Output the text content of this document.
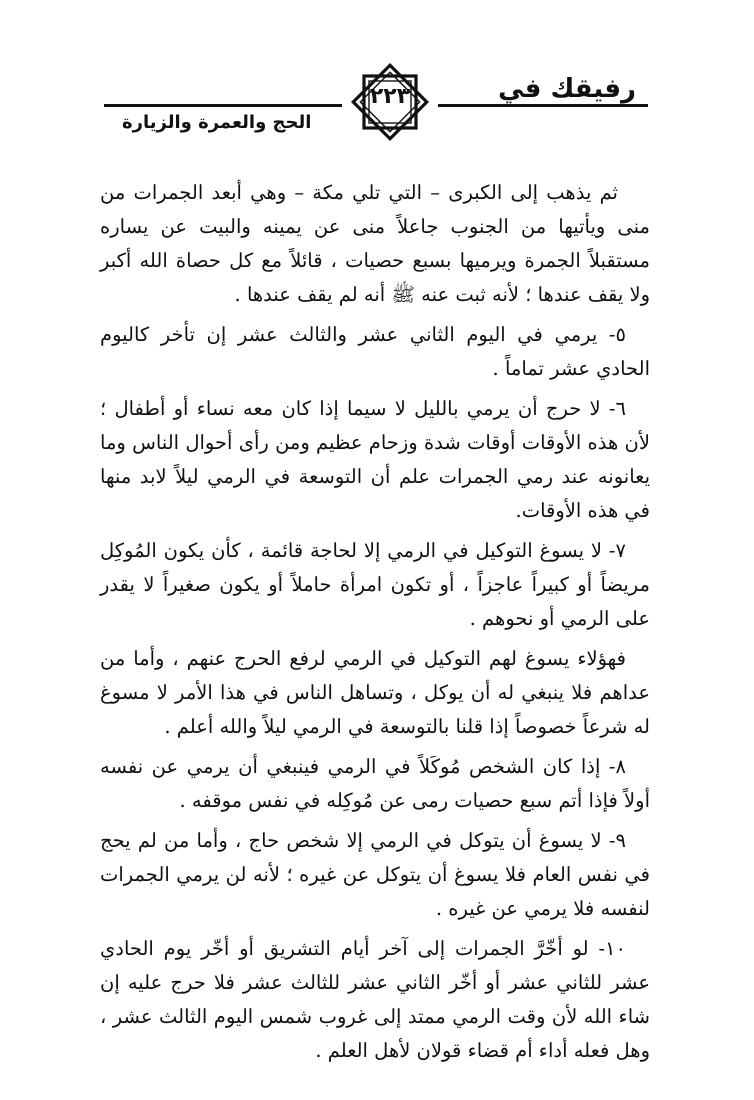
رفيقك في
الحج والعمرة والزيارة
٢٢٣

ثم يذهب إلى الكبرى – التي تلي مكة – وهي أبعد الجمرات من منى ويأتيها من الجنوب جاعلاً منى عن يمينه والبيت عن يساره مستقبلاً الجمرة ويرميها بسبع حصيات ، قائلاً مع كل حصاة الله أكبر ولا يقف عندها ؛ لأنه ثبت عنه ﷺ أنه لم يقف عندها .

٥- يرمي في اليوم الثاني عشر والثالث عشر إن تأخر كاليوم الحادي عشر تماماً .

٦- لا حرج أن يرمي بالليل لا سيما إذا كان معه نساء أو أطفال ؛ لأن هذه الأوقات أوقات شدة وزحام عظيم ومن رأى أحوال الناس وما يعانونه عند رمي الجمرات علم أن التوسعة في الرمي ليلاً لابد منها في هذه الأوقات.

٧- لا يسوغ التوكيل في الرمي إلا لحاجة قائمة ، كأن يكون المُوكِل مريضاً أو كبيراً عاجزاً ، أو تكون امرأة حاملاً أو يكون صغيراً لا يقدر على الرمي أو نحوهم .

فهؤلاء يسوغ لهم التوكيل في الرمي لرفع الحرج عنهم ، وأما من عداهم فلا ينبغي له أن يوكل ، وتساهل الناس في هذا الأمر لا مسوغ له شرعاً خصوصاً إذا قلنا بالتوسعة في الرمي ليلاً والله أعلم .

٨- إذا كان الشخص مُوكَلاً في الرمي فينبغي أن يرمي عن نفسه أولاً فإذا أتم سبع حصيات رمى عن مُوكِله في نفس موقفه .

٩- لا يسوغ أن يتوكل في الرمي إلا شخص حاج ، وأما من لم يحج في نفس العام فلا يسوغ أن يتوكل عن غيره ؛ لأنه لن يرمي الجمرات لنفسه فلا يرمي عن غيره .

١٠- لو أخّرَّ الجمرات إلى آخر أيام التشريق أو أخّر يوم الحادي عشر للثاني عشر أو أخّر الثاني عشر للثالث عشر فلا حرج عليه إن شاء الله لأن وقت الرمي ممتد إلى غروب شمس اليوم الثالث عشر ، وهل فعله أداء أم قضاء قولان لأهل العلم .
